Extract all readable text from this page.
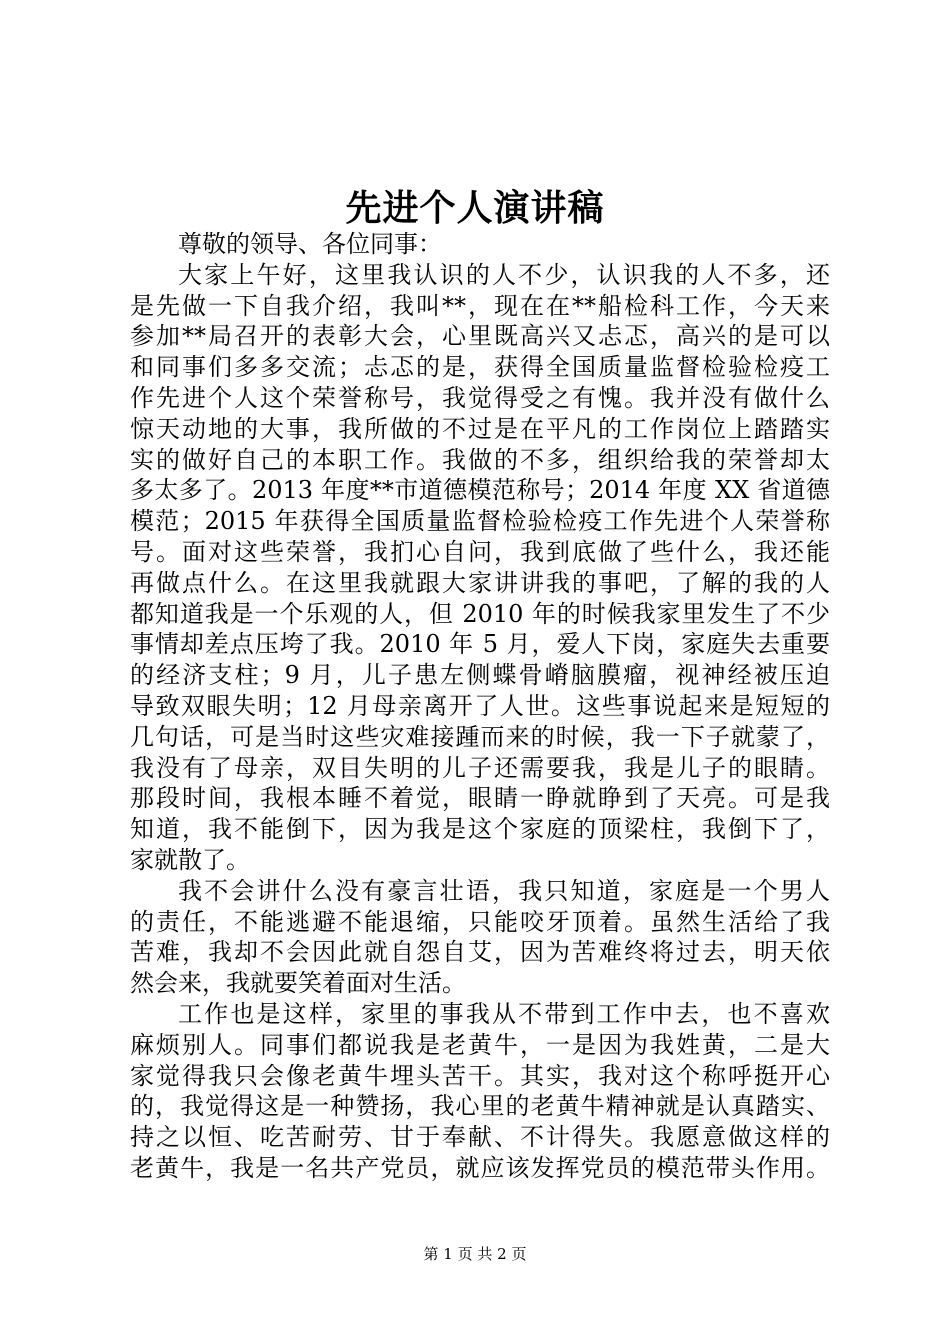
先进个人演讲稿
尊敬的领导、各位同事：
大家上午好，这里我认识的人不少，认识我的人不多，还
是先做一下自我介绍，我叫**，现在在**船检科工作，今天来
参加**局召开的表彰大会，心里既高兴又忐忑，高兴的是可以
和同事们多多交流；忐忑的是，获得全国质量监督检验检疫工
作先进个人这个荣誉称号，我觉得受之有愧。我并没有做什么
惊天动地的大事，我所做的不过是在平凡的工作岗位上踏踏实
实的做好自己的本职工作。我做的不多，组织给我的荣誉却太
多太多了。2013 年度**市道德模范称号；2014 年度 XX 省道德
模范；2015 年获得全国质量监督检验检疫工作先进个人荣誉称
号。面对这些荣誉，我扪心自问，我到底做了些什么，我还能
再做点什么。在这里我就跟大家讲讲我的事吧，了解的我的人
都知道我是一个乐观的人，但 2010 年的时候我家里发生了不少
事情却差点压垮了我。2010 年 5 月，爱人下岗，家庭失去重要
的经济支柱；9 月，儿子患左侧蝶骨嵴脑膜瘤，视神经被压迫
导致双眼失明；12 月母亲离开了人世。这些事说起来是短短的
几句话，可是当时这些灾难接踵而来的时候，我一下子就蒙了，
我没有了母亲，双目失明的儿子还需要我，我是儿子的眼睛。
那段时间，我根本睡不着觉，眼睛一睁就睁到了天亮。可是我
知道，我不能倒下，因为我是这个家庭的顶梁柱，我倒下了，
家就散了。
我不会讲什么没有豪言壮语，我只知道，家庭是一个男人
的责任，不能逃避不能退缩，只能咬牙顶着。虽然生活给了我
苦难，我却不会因此就自怨自艾，因为苦难终将过去，明天依
然会来，我就要笑着面对生活。
工作也是这样，家里的事我从不带到工作中去，也不喜欢
麻烦别人。同事们都说我是老黄牛，一是因为我姓黄，二是大
家觉得我只会像老黄牛埋头苦干。其实，我对这个称呼挺开心
的，我觉得这是一种赞扬，我心里的老黄牛精神就是认真踏实、
持之以恒、吃苦耐劳、甘于奉献、不计得失。我愿意做这样的
老黄牛，我是一名共产党员，就应该发挥党员的模范带头作用。
第 1 页 共 2 页
